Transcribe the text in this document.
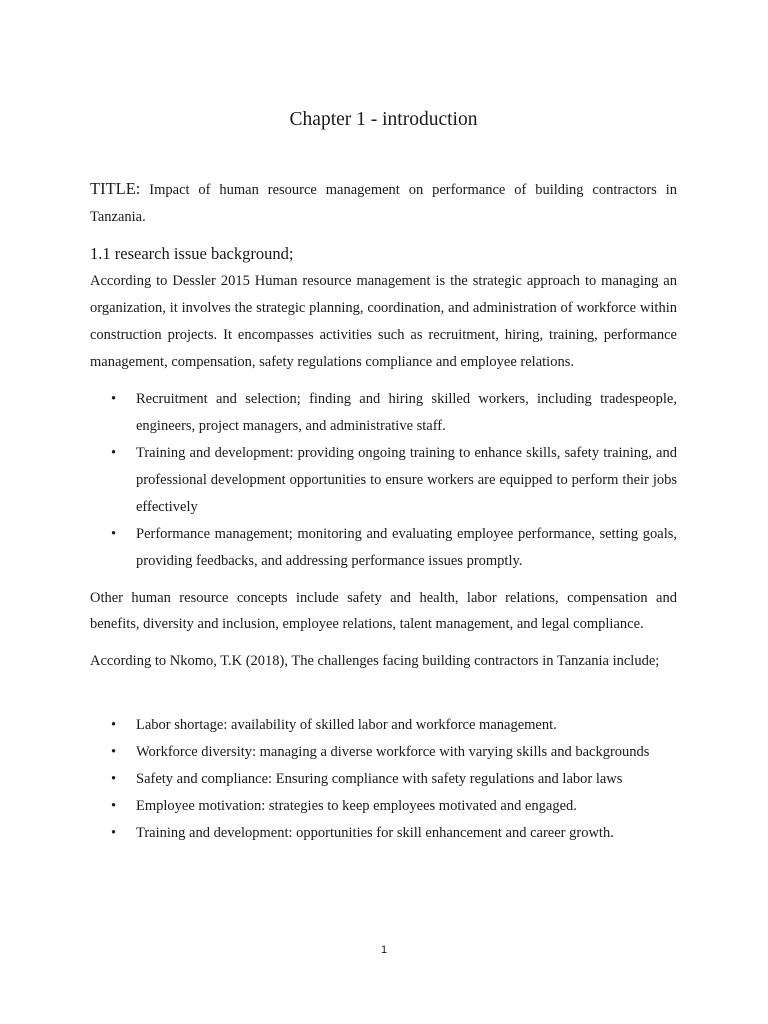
Chapter 1 - introduction

TITLE: Impact of human resource management on performance of building contractors in Tanzania.

1.1 research issue background;

According to Dessler 2015 Human resource management is the strategic approach to managing an organization, it involves the strategic planning, coordination, and administration of workforce within construction projects. It encompasses activities such as recruitment, hiring, training, performance management, compensation, safety regulations compliance and employee relations.

• Recruitment and selection; finding and hiring skilled workers, including tradespeople, engineers, project managers, and administrative staff.
• Training and development: providing ongoing training to enhance skills, safety training, and professional development opportunities to ensure workers are equipped to perform their jobs effectively
• Performance management; monitoring and evaluating employee performance, setting goals, providing feedbacks, and addressing performance issues promptly.

Other human resource concepts include safety and health, labor relations, compensation and benefits, diversity and inclusion, employee relations, talent management, and legal compliance.

According to Nkomo, T.K (2018), The challenges facing building contractors in Tanzania include;

• Labor shortage: availability of skilled labor and workforce management.
• Workforce diversity: managing a diverse workforce with varying skills and backgrounds
• Safety and compliance: Ensuring compliance with safety regulations and labor laws
• Employee motivation: strategies to keep employees motivated and engaged.
• Training and development: opportunities for skill enhancement and career growth.
1
